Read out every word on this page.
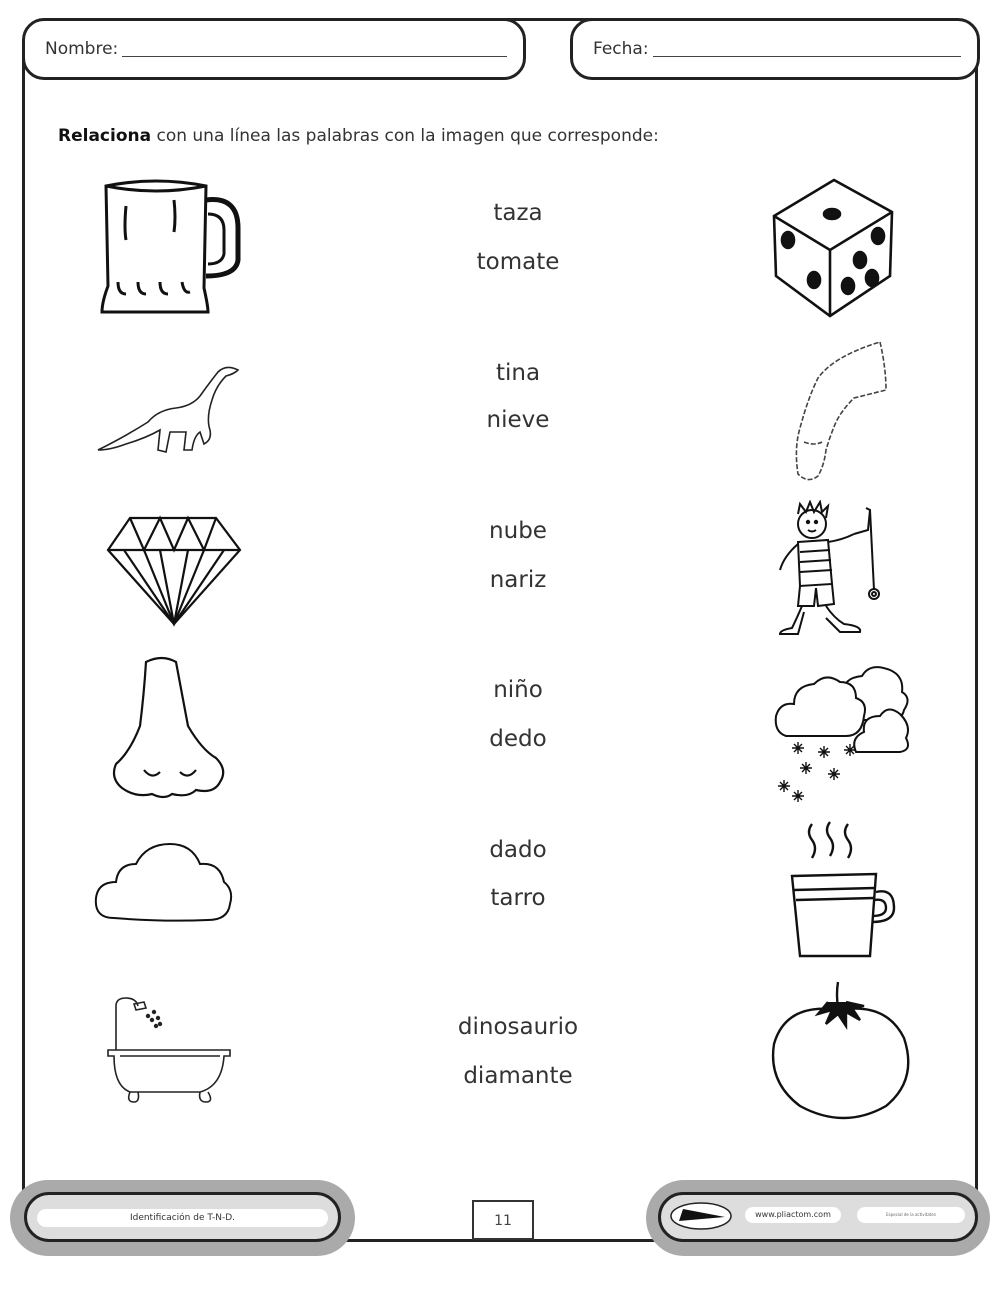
Nombre:	Fecha:
Relaciona con una línea las palabras con la imagen que corresponde:
taza
tomate
tina
nieve
nube
nariz
niño
dedo
dado
tarro
dinosaurio
diamante
Identificación de T-N-D.	11	www.pliactom.com	Especial de la activitates
